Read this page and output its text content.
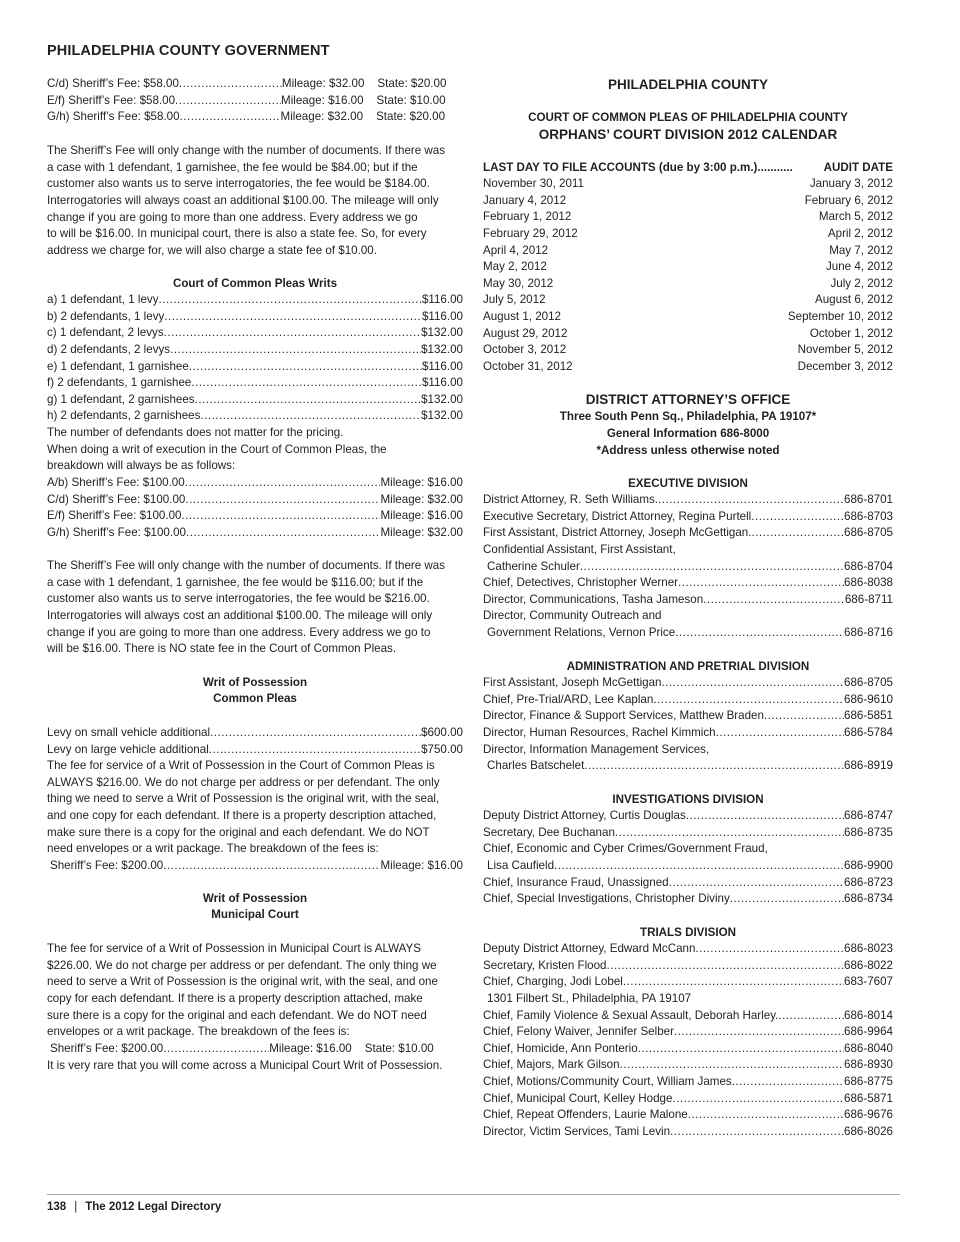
PHILADELPHIA COUNTY GOVERNMENT
C/d) Sheriff’s Fee: $58.00 .....	Mileage: $32.00 State: $20.00
E/f) Sheriff’s Fee: $58.00 .....	Mileage: $16.00 State: $10.00
G/h) Sheriff’s Fee: $58.00 .....	Mileage: $32.00 State: $20.00
The Sheriff’s Fee will only change with the number of documents. If there was
a case with 1 defendant, 1 garnishee, the fee would be $84.00; but if the
customer also wants us to serve interrogatories, the fee would be $184.00.
Interrogatories will always coast an additional $100.00. The mileage will only
change if you are going to more than one address. Every address we go
to will be $16.00. In municipal court, there is also a state fee. So, for every
address we charge for, we will also charge a state fee of $10.00.
Court of Common Pleas Writs
a) 1 defendant, 1 levy .....	$116.00
b) 2 defendants, 1 levy .....	$116.00
c) 1 defendant, 2 levys .....	$132.00
d) 2 defendants, 2 levys .....	$132.00
e) 1 defendant, 1 garnishee .....	$116.00
f) 2 defendants, 1 garnishee .....	$116.00
g) 1 defendant, 2 garnishees .....	$132.00
h) 2 defendants, 2 garnishees .....	$132.00
The number of defendants does not matter for the pricing.
When doing a writ of execution in the Court of Common Pleas, the
breakdown will always be as follows:
A/b) Sheriff’s Fee: $100.00 .....	Mileage: $16.00
C/d) Sheriff’s Fee: $100.00 .....	Mileage: $32.00
E/f) Sheriff’s Fee: $100.00 .....	Mileage: $16.00
G/h) Sheriff’s Fee: $100.00 .....	Mileage: $32.00
The Sheriff’s Fee will only change with the number of documents. If there was
a case with 1 defendant, 1 garnishee, the fee would be $116.00; but if the
customer also wants us to serve interrogatories, the fee would be $216.00.
Interrogatories will always cost an additional $100.00. The mileage will only
change if you are going to more than one address. Every address we go to
will be $16.00. There is NO state fee in the Court of Common Pleas.
Writ of Possession
Common Pleas
Levy on small vehicle additional .....	$600.00
Levy on large vehicle additional .....	$750.00
The fee for service of a Writ of Possession in the Court of Common Pleas is
ALWAYS $216.00. We do not charge per address or per defendant. The only
thing we need to serve a Writ of Possession is the original writ, with the seal,
and one copy for each defendant. If there is a property description attached,
make sure there is a copy for the original and each defendant. We do NOT
need envelopes or a writ package. The breakdown of the fees is:
Sheriff’s Fee: $200.00 .....	Mileage: $16.00
Writ of Possession
Municipal Court
The fee for service of a Writ of Possession in Municipal Court is ALWAYS
$226.00. We do not charge per address or per defendant. The only thing we
need to serve a Writ of Possession is the original writ, with the seal, and one
copy for each defendant. If there is a property description attached, make
sure there is a copy for the original and each defendant. We do NOT need
envelopes or a writ package. The breakdown of the fees is:
Sheriff’s Fee: $200.00 .....	Mileage: $16.00 State: $10.00
It is very rare that you will come across a Municipal Court Writ of Possession.
PHILADELPHIA COUNTY
COURT OF COMMON PLEAS OF PHILADELPHIA COUNTY
ORPHANS’ COURT DIVISION 2012 CALENDAR
LAST DAY TO FILE ACCOUNTS (due by 3:00 p.m.)...........	AUDIT DATE
November 30, 2011	January 3, 2012
January 4, 2012	February 6, 2012
February 1, 2012	March 5, 2012
February 29, 2012	April 2, 2012
April 4, 2012	May 7, 2012
May 2, 2012	June 4, 2012
May 30, 2012	July 2, 2012
July 5, 2012	August 6, 2012
August 1, 2012	September 10, 2012
August 29, 2012	October 1, 2012
October 3, 2012	November 5, 2012
October 31, 2012	December 3, 2012
DISTRICT ATTORNEY’S OFFICE
Three South Penn Sq., Philadelphia, PA 19107*
General Information 686-8000
*Address unless otherwise noted
EXECUTIVE DIVISION
District Attorney, R. Seth Williams. .....	686-8701
Executive Secretary, District Attorney, Regina Purtell .....	686-8703
First Assistant, District Attorney, Joseph McGettigan. .....	686-8705
Confidential Assistant, First Assistant,
Catherine Schuler .....	686-8704
Chief, Detectives, Christopher Werner .....	686-8038
Director, Communications, Tasha Jameson .....	686-8711
Director, Community Outreach and
Government Relations, Vernon Price .....	686-8716
ADMINISTRATION AND PRETRIAL DIVISION
First Assistant, Joseph McGettigan .....	686-8705
Chief, Pre-Trial/ARD, Lee Kaplan .....	686-9610
Director, Finance & Support Services, Matthew Braden .....	686-5851
Director, Human Resources, Rachel Kimmich .....	686-5784
Director, Information Management Services,
Charles Batschelet .....	686-8919
INVESTIGATIONS DIVISION
Deputy District Attorney, Curtis Douglas .....	686-8747
Secretary, Dee Buchanan .....	686-8735
Chief, Economic and Cyber Crimes/Government Fraud,
Lisa Caufield .....	686-9900
Chief, Insurance Fraud, Unassigned .....	686-8723
Chief, Special Investigations, Christopher Diviny .....	686-8734
TRIALS DIVISION
Deputy District Attorney, Edward McCann .....	686-8023
Secretary, Kristen Flood .....	686-8022
Chief, Charging, Jodi Lobel .....	683-7607
1301 Filbert St., Philadelphia, PA 19107
Chief, Family Violence & Sexual Assault, Deborah Harley. .....	686-8014
Chief, Felony Waiver, Jennifer Selber .....	686-9964
Chief, Homicide, Ann Ponterio .....	686-8040
Chief, Majors, Mark Gilson .....	686-8930
Chief, Motions/Community Court, William James .....	686-8775
Chief, Municipal Court, Kelley Hodge .....	686-5871
Chief, Repeat Offenders, Laurie Malone .....	686-9676
Director, Victim Services, Tami Levin .....	686-8026
138 | The 2012 Legal Directory
